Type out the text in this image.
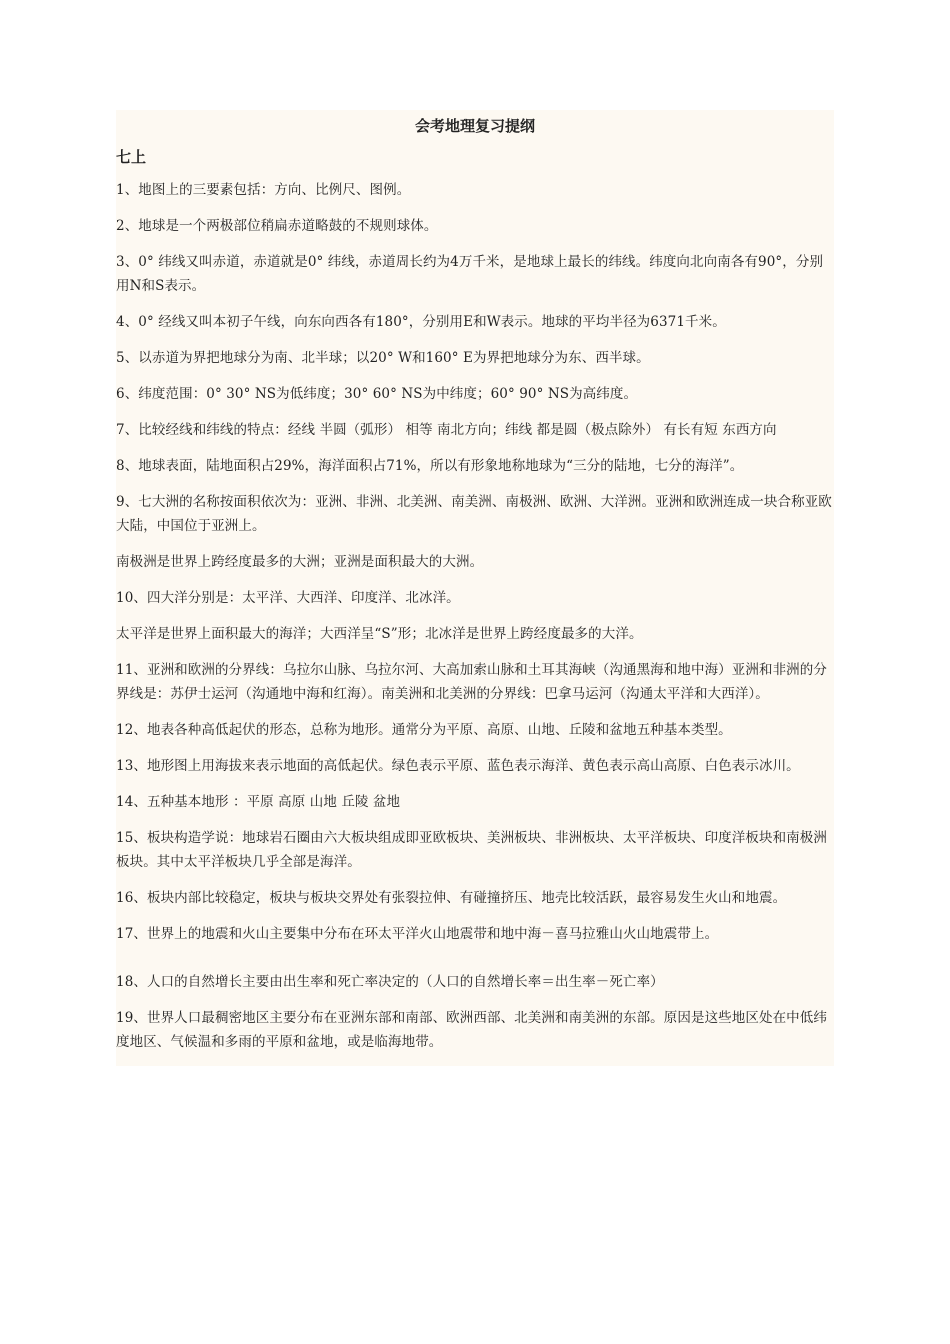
会考地理复习提纲
七上

1、地图上的三要素包括：方向、比例尺、图例。

2、地球是一个两极部位稍扁赤道略鼓的不规则球体。

3、0° 纬线又叫赤道，赤道就是0° 纬线，赤道周长约为4万千米，是地球上最长的纬线。纬度向北向南各有90°，分别用N和S表示。

4、0° 经线又叫本初子午线，向东向西各有180°，分别用E和W表示。地球的平均半径为6371千米。

5、以赤道为界把地球分为南、北半球；以20° W和160° E为界把地球分为东、西半球。

6、纬度范围：0° 30° NS为低纬度；30° 60° NS为中纬度；60° 90° NS为高纬度。

7、比较经线和纬线的特点：经线 半圆（弧形） 相等 南北方向；纬线 都是圆（极点除外） 有长有短 东西方向

8、地球表面，陆地面积占29%，海洋面积占71%，所以有形象地称地球为“三分的陆地，七分的海洋”。

9、七大洲的名称按面积依次为：亚洲、非洲、北美洲、南美洲、南极洲、欧洲、大洋洲。亚洲和欧洲连成一块合称亚欧大陆，中国位于亚洲上。

南极洲是世界上跨经度最多的大洲；亚洲是面积最大的大洲。

10、四大洋分别是：太平洋、大西洋、印度洋、北冰洋。

太平洋是世界上面积最大的海洋；大西洋呈“S”形；北冰洋是世界上跨经度最多的大洋。

11、亚洲和欧洲的分界线：乌拉尔山脉、乌拉尔河、大高加索山脉和土耳其海峡（沟通黑海和地中海）亚洲和非洲的分界线是：苏伊士运河（沟通地中海和红海）。南美洲和北美洲的分界线：巴拿马运河（沟通太平洋和大西洋）。

12、地表各种高低起伏的形态，总称为地形。通常分为平原、高原、山地、丘陵和盆地五种基本类型。

13、地形图上用海拔来表示地面的高低起伏。绿色表示平原、蓝色表示海洋、黄色表示高山高原、白色表示冰川。

14、五种基本地形 ：平原 高原 山地 丘陵 盆地

15、板块构造学说：地球岩石圈由六大板块组成即亚欧板块、美洲板块、非洲板块、太平洋板块、印度洋板块和南极洲板块。其中太平洋板块几乎全部是海洋。

16、板块内部比较稳定，板块与板块交界处有张裂拉伸、有碰撞挤压、地壳比较活跃，最容易发生火山和地震。

17、世界上的地震和火山主要集中分布在环太平洋火山地震带和地中海－喜马拉雅山火山地震带上。

18、人口的自然增长主要由出生率和死亡率决定的（人口的自然增长率＝出生率－死亡率）

19、世界人口最稠密地区主要分布在亚洲东部和南部、欧洲西部、北美洲和南美洲的东部。原因是这些地区处在中低纬度地区、气候温和多雨的平原和盆地，或是临海地带。
